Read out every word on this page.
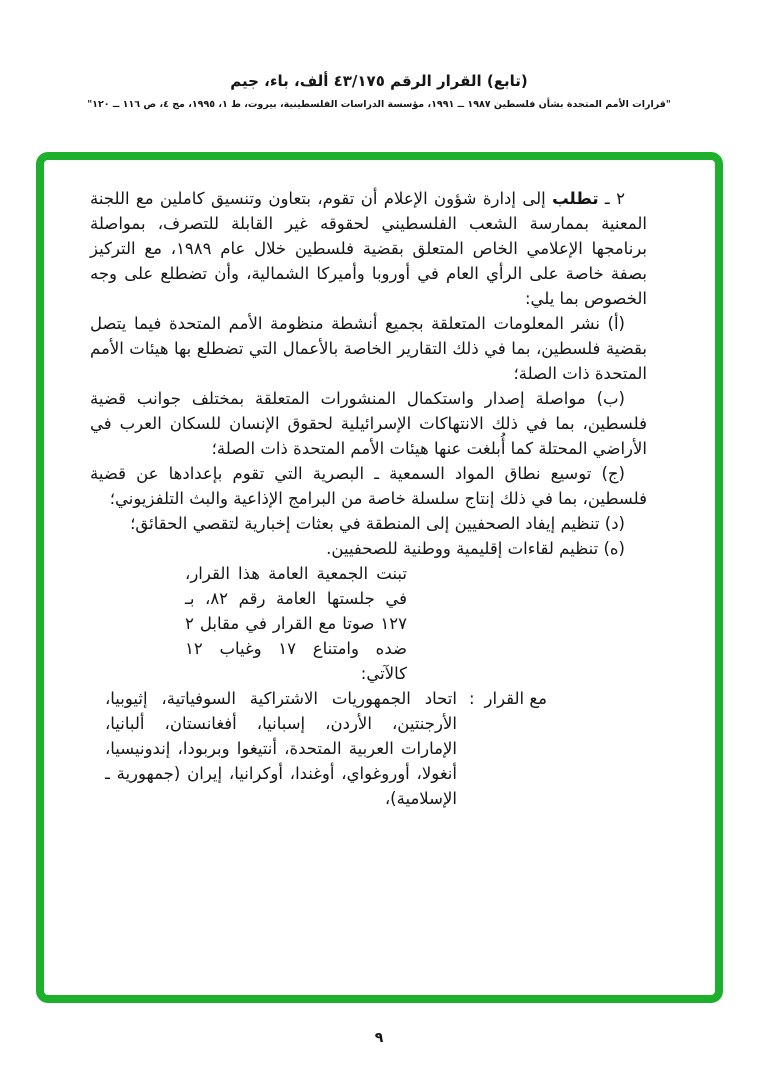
(تابع) القرار الرقم ٤٣/١٧٥ ألف، باء، جيم
"قرارات الأمم المتحدة بشأن فلسطين ١٩٨٧ ــ ١٩٩١، مؤسسة الدراسات الفلسطينية، بيروت، ط ١، ١٩٩٥، مج ٤، ص ١١٦ ــ ١٢٠"

٢ ـ تطلب إلى إدارة شؤون الإعلام أن تقوم، بتعاون وتنسيق كاملين مع اللجنة المعنية بممارسة الشعب الفلسطيني لحقوقه غير القابلة للتصرف، بمواصلة برنامجها الإعلامي الخاص المتعلق بقضية فلسطين خلال عام ١٩٨٩، مع التركيز بصفة خاصة على الرأي العام في أوروبا وأميركا الشمالية، وأن تضطلع على وجه الخصوص بما يلي:

(أ) نشر المعلومات المتعلقة بجميع أنشطة منظومة الأمم المتحدة فيما يتصل بقضية فلسطين، بما في ذلك التقارير الخاصة بالأعمال التي تضطلع بها هيئات الأمم المتحدة ذات الصلة؛

(ب) مواصلة إصدار واستكمال المنشورات المتعلقة بمختلف جوانب قضية فلسطين، بما في ذلك الانتهاكات الإسرائيلية لحقوق الإنسان للسكان العرب في الأراضي المحتلة كما أُبلغت عنها هيئات الأمم المتحدة ذات الصلة؛

(ج) توسيع نطاق المواد السمعية ـ البصرية التي تقوم بإعدادها عن قضية فلسطين، بما في ذلك إنتاج سلسلة خاصة من البرامج الإذاعية والبث التلفزيوني؛

(د) تنظيم إيفاد الصحفيين إلى المنطقة في بعثات إخبارية لتقصي الحقائق؛

(ه) تنظيم لقاءات إقليمية ووطنية للصحفيين.

تبنت الجمعية العامة هذا القرار، في جلستها العامة رقم ٨٢، بـ ١٢٧ صوتا مع القرار في مقابل ٢ ضده وامتناع ١٧ وغياب ١٢ كالآتي:

مع القرار
:
اتحاد الجمهوريات الاشتراكية السوفياتية، إثيوبيا، الأرجنتين، الأردن، إسبانيا، أفغانستان، ألبانيا، الإمارات العربية المتحدة، أنتيغوا وبربودا، إندونيسيا، أنغولا، أوروغواي، أوغندا، أوكرانيا، إيران (جمهورية ـ الإسلامية)،
٩
